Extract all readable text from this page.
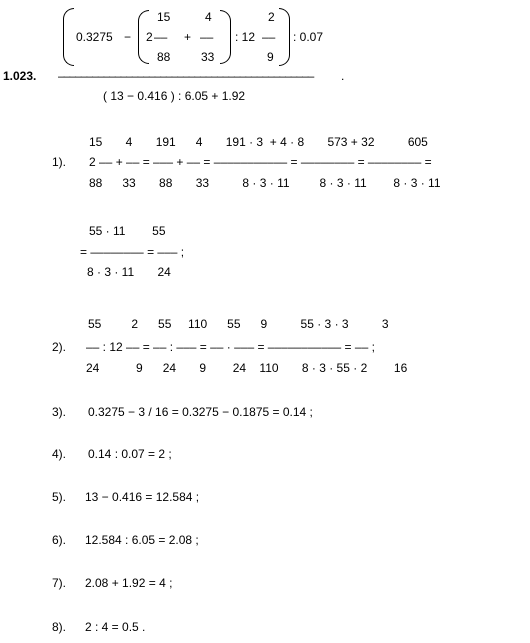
1.023.
0.3275 − 2
15
––
88
+
4
––
33
: 12
2
––
9
: 0.07
––––––––––––––––––––––––––––––––––––––––––––– .
( 13 − 0.416 ) : 6.05 + 1.92
1).
15       4       191      4       191 · 3  + 4 · 8       573 + 32          605
2 –– + –– = ––– + –– = ––––––––––– = –––––––– = –––––––– =
88      33       88       33          8 · 3 · 11         8 · 3 · 11        8 · 3 · 11
55 · 11        55
= –––––––– = ––– ;
8 · 3 · 11       24
2).
55         2      55     110      55      9          55 · 3 · 3          3
–– : 12 –– = –– : ––– = –– · ––– = ––––––––––– = –– ;
24           9      24       9        24    110       8 · 3 · 55 · 2        16
3). 0.3275 − 3 / 16 = 0.3275 − 0.1875 = 0.14 ;
4). 0.14 : 0.07 = 2 ;
5). 13 − 0.416 = 12.584 ;
6). 12.584 : 6.05 = 2.08 ;
7). 2.08 + 1.92 = 4 ;
8). 2 : 4 = 0.5 .
